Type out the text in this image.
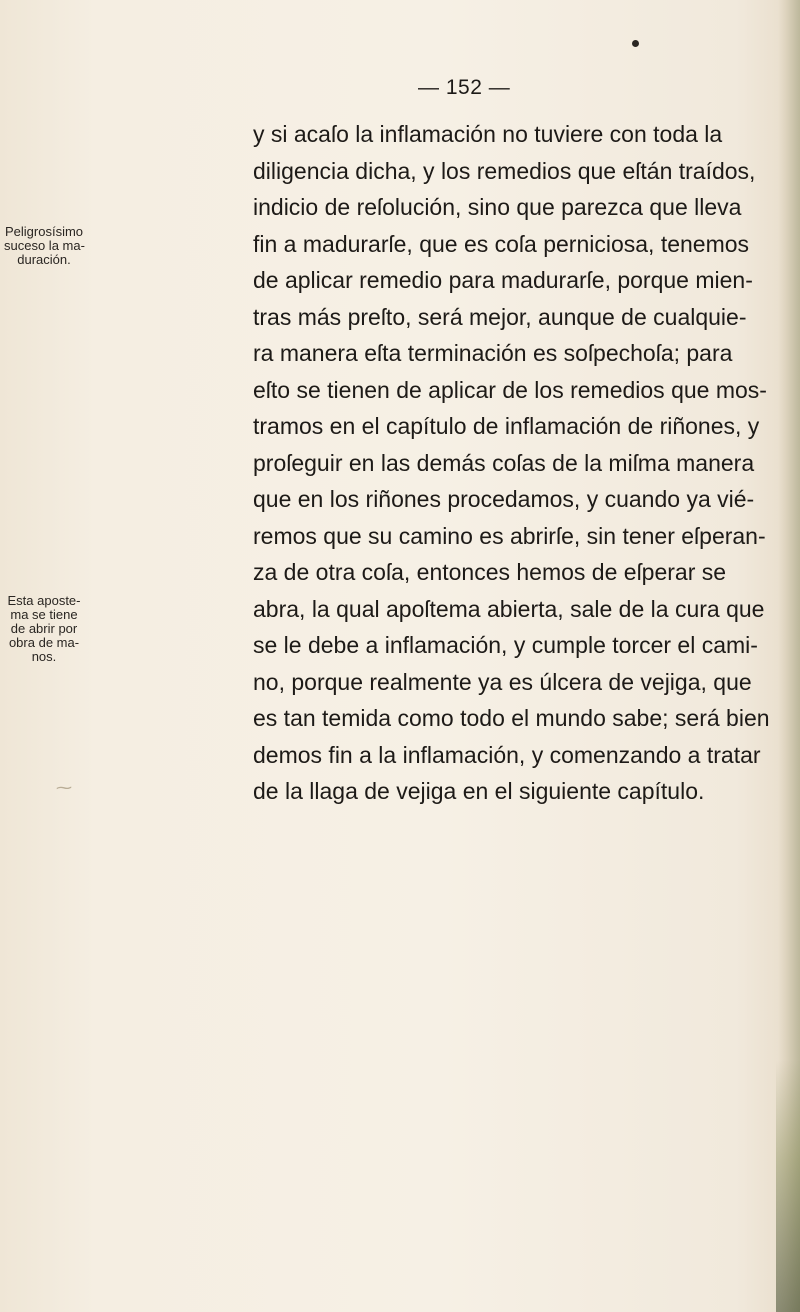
— 152 —
y si acaſo la inflamación no tuviere con toda la
diligencia dicha, y los remedios que eſtán traídos,
indicio de reſolución, sino que parezca que lleva
fin a madurarſe, que es coſa perniciosa, tenemos
de aplicar remedio para madurarſe, porque mien-
tras más preſto, será mejor, aunque de cualquie-
ra manera eſta terminación es soſpechoſa; para
eſto se tienen de aplicar de los remedios que mos-
tramos en el capítulo de inflamación de riñones, y
proſeguir en las demás coſas de la miſma manera
que en los riñones procedamos, y cuando ya vié-
remos que su camino es abrirſe, sin tener eſperan-
za de otra coſa, entonces hemos de eſperar se
abra, la qual apoſtema abierta, sale de la cura que
se le debe a inflamación, y cumple torcer el cami-
no, porque realmente ya es úlcera de vejiga, que
es tan temida como todo el mundo sabe; será bien
demos fin a la inflamación, y comenzando a tratar
de la llaga de vejiga en el siguiente capítulo.
Peligrosísimo
suceso la ma-
duración.
Esta aposte-
ma se tiene
de abrir por
obra de ma-
nos.
⁓
